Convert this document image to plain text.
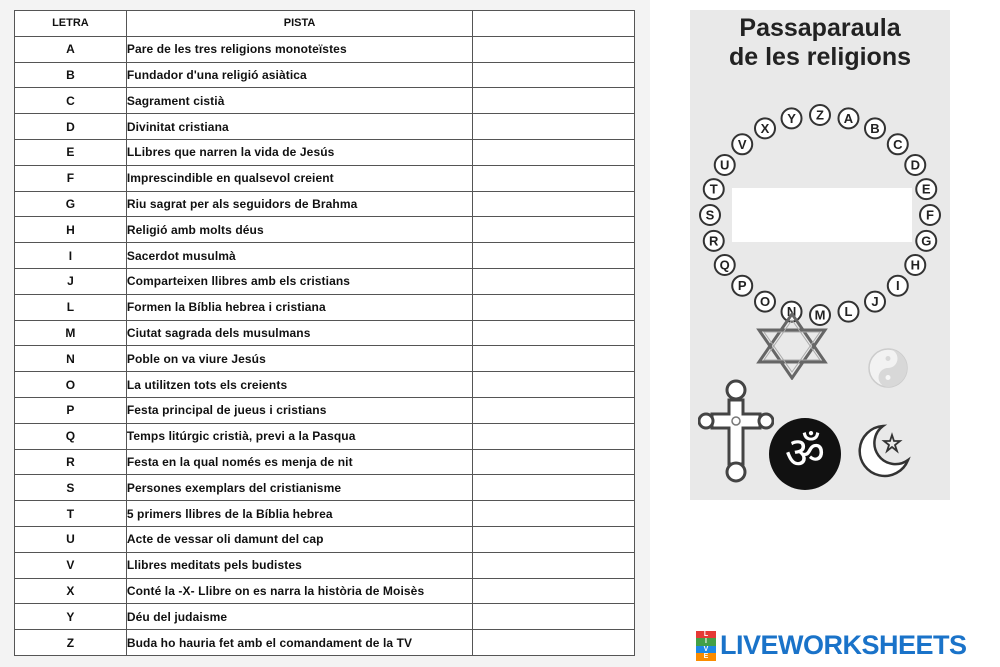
LETRA	PISTA	
A	Pare de les tres religions monoteïstes	

B	Fundador d'una religió asiàtica	

C	Sagrament cistià	

D	Divinitat cristiana	

E	LLibres que narren la vida de Jesús	

F	Imprescindible en qualsevol creient	

G	Riu sagrat per als seguidors de Brahma	

H	Religió amb molts déus	

I	Sacerdot musulmà	

J	Comparteixen llibres amb els cristians	

L	Formen la Bíblia hebrea i cristiana	

M	Ciutat sagrada dels musulmans	

N	Poble on va viure Jesús	

O	La utilitzen tots els creients	

P	Festa principal de jueus i cristians	

Q	Temps litúrgic cristià, previ a la Pasqua	

R	Festa en la qual només es menja de nit	

S	Persones exemplars del cristianisme	

T	5 primers llibres de la Bíblia hebrea	

U	Acte de vessar oli damunt del cap	

V	Llibres meditats pels budistes	

X	Conté la -X- Llibre on es narra la història de Moisès	

Y	Déu del judaisme	

Z	Buda ho hauria fet amb el comandament de la TV	
Passaparaula
de les religions
A
B
C
D
E
F
G
H
I
J
L
M
N
O
P
Q
R
S
T
U
V
X
Y Z
ॐ
L
I
V
E LIVEWORKSHEETS
